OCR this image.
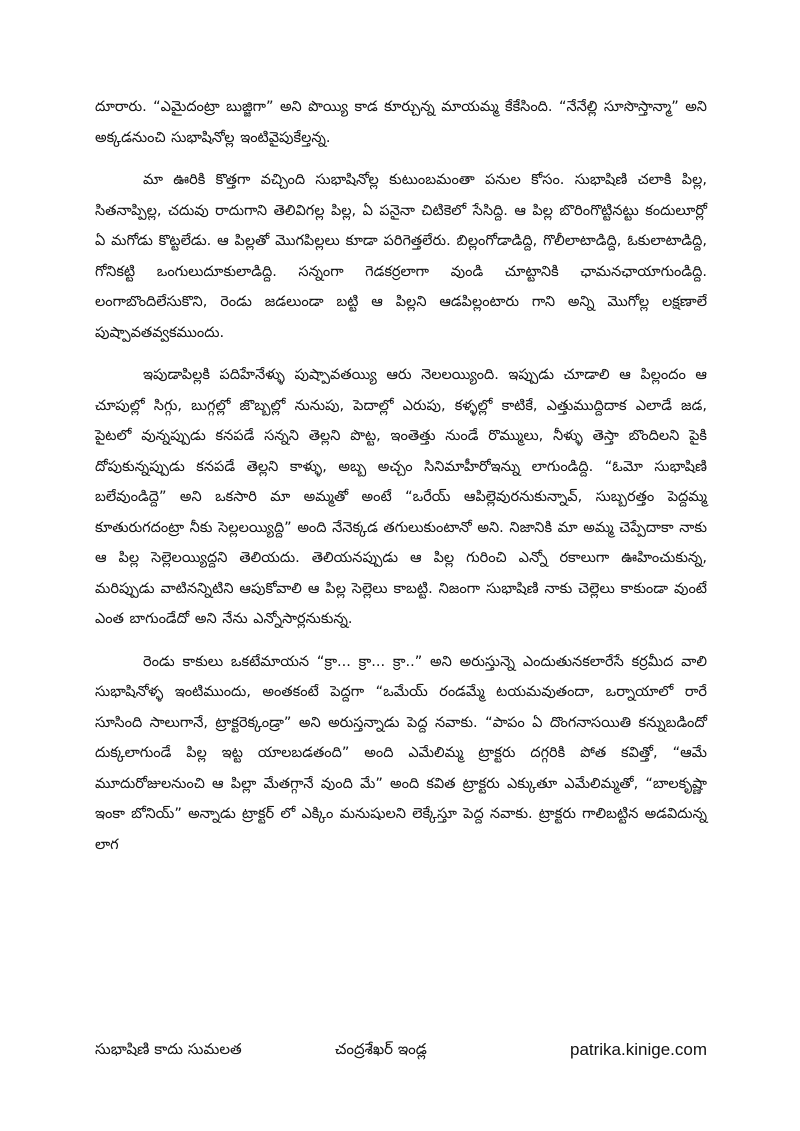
దూరారు. “ఎమైదంట్రా బుజ్జిగా” అని పొయ్యి కాడ కూర్చున్న మాయమ్మ కేకేసింది. “నేనేల్లి సూసొస్తాన్మా” అని అక్కడనుంచి సుభాషినోల్ల ఇంటివైపుకేల్తన్న.

మా ఊరికి కొత్తగా వచ్చింది సుభాషినోల్ల కుటుంబమంతా పనుల కోసం. సుభాషిణి చలాకి పిల్ల, సితనాప్పిల్ల, చదువు రాదుగాని తెలివిగల్ల పిల్ల, ఏ పనైనా చిటికెలో సేసిద్ది. ఆ పిల్ల బొరింగొట్టినట్టు కందులూర్లో ఏ మగోడు కొట్టలేడు. ఆ పిల్లతో మొగపిల్లలు కూడా పరిగెత్తలేరు. బిల్లంగోడాడిద్ది, గొలీలాటాడిద్ది, ఓకులాటాడిద్ది, గోనికట్టి ఒంగులుదూకులాడిద్ది. సన్నంగా గెడకర్రలాగా వుండి చూట్టానికి ఛామనఛాయాగుండిద్ది. లంగాబొందిలేసుకొని, రెండు జడలుండా బట్టి ఆ పిల్లని ఆడపిల్లంటారు గాని అన్ని మొగోల్ల లక్షణాలే పుష్పావతవ్వకముందు.

ఇపుడాపిల్లకి పదిహేనేళ్ళు పుష్పావతయ్యి ఆరు నెలలయ్యింది. ఇప్పుడు చూడాలి ఆ పిల్లందం ఆ చూపుల్లో సిగ్గు, బుగ్గల్లో జొబ్బల్లో నునుపు, పెదాల్లో ఎరుపు, కళ్ళల్లో కాటికే, ఎత్తుముద్దిదాక ఎలాడే జడ, పైటలో వున్నప్పుడు కనపడే సన్నని తెల్లని పొట్ట, ఇంతెత్తు నుండే రొమ్ములు, నీళ్ళు తెస్తా బొందిలని పైకి దోపుకున్నప్పుడు కనపడే తెల్లని కాళ్ళు, అబ్బ అచ్చం సినిమాహీరోఇన్ను లాగుండిద్ది. “ఓమో సుభాషిణి బలేవుండిద్దె” అని ఒకసారి మా అమ్మతో అంటే “ఒరేయ్ ఆపిల్లెవురనుకున్నావ్, సుబ్బరత్తం పెద్దమ్మ కూతురుగదంట్రా నీకు సెల్లలయ్యిద్ది” అంది నేనెక్కడ తగులుకుంటానో అని. నిజానికి మా అమ్మ చెప్పేదాకా నాకు ఆ పిల్ల సెల్లెలయ్యిద్దని తెలియదు. తెలియనప్పుడు ఆ పిల్ల గురించి ఎన్నో రకాలుగా ఊహించుకున్న, మరిప్పుడు వాటినన్నిటిని ఆపుకోవాలి ఆ పిల్ల సెల్లెలు కాబట్టి. నిజంగా సుభాషిణి నాకు చెల్లెలు కాకుండా వుంటే ఎంత బాగుండేదో అని నేను ఎన్నోసార్లనుకున్న.

రెండు కాకులు ఒకటేమాయన “క్రా... క్రా... క్రా..” అని అరుస్తున్నె ఎందుతునకలారేసే కర్రమీద వాలి సుభాషినోళ్ళ ఇంటిముందు, అంతకంటే పెద్దగా “ఒమేయ్ రండమ్మే టయమవుతందా, ఒర్నాయాలో రారే సూసింది సాలుగానే, ట్రాక్టరెక్కండ్రా” అని అరుస్తన్నాడు పెద్ద నవాకు. “పాపం ఏ దొంగనాసయితి కన్నుబడిందో దుక్కలాగుండే పిల్ల ఇట్ట యాలబడతంది” అంది ఎమేలిమ్మ ట్రాక్టరు దగ్గరికి పోత కవిత్తో, “ఆమే మూదురోజులనుంచి ఆ పిల్లా మేతగ్గానే వుంది మే” అంది కవిత ట్రాక్టరు ఎక్కుతూ ఎమేలిమ్మతో, “బాలకృష్ణా ఇంకా బోనియ్” అన్నాడు ట్రాక్టర్ లో ఎక్కిం మనుషులని లెక్కేస్తూ పెద్ద నవాకు. ట్రాక్టరు గాలిబట్టిన అడవిదున్న లాగ

సుభాషిణి కాదు సుమలత	చంద్రశేఖర్ ఇండ్ల	patrika.kinige.com
